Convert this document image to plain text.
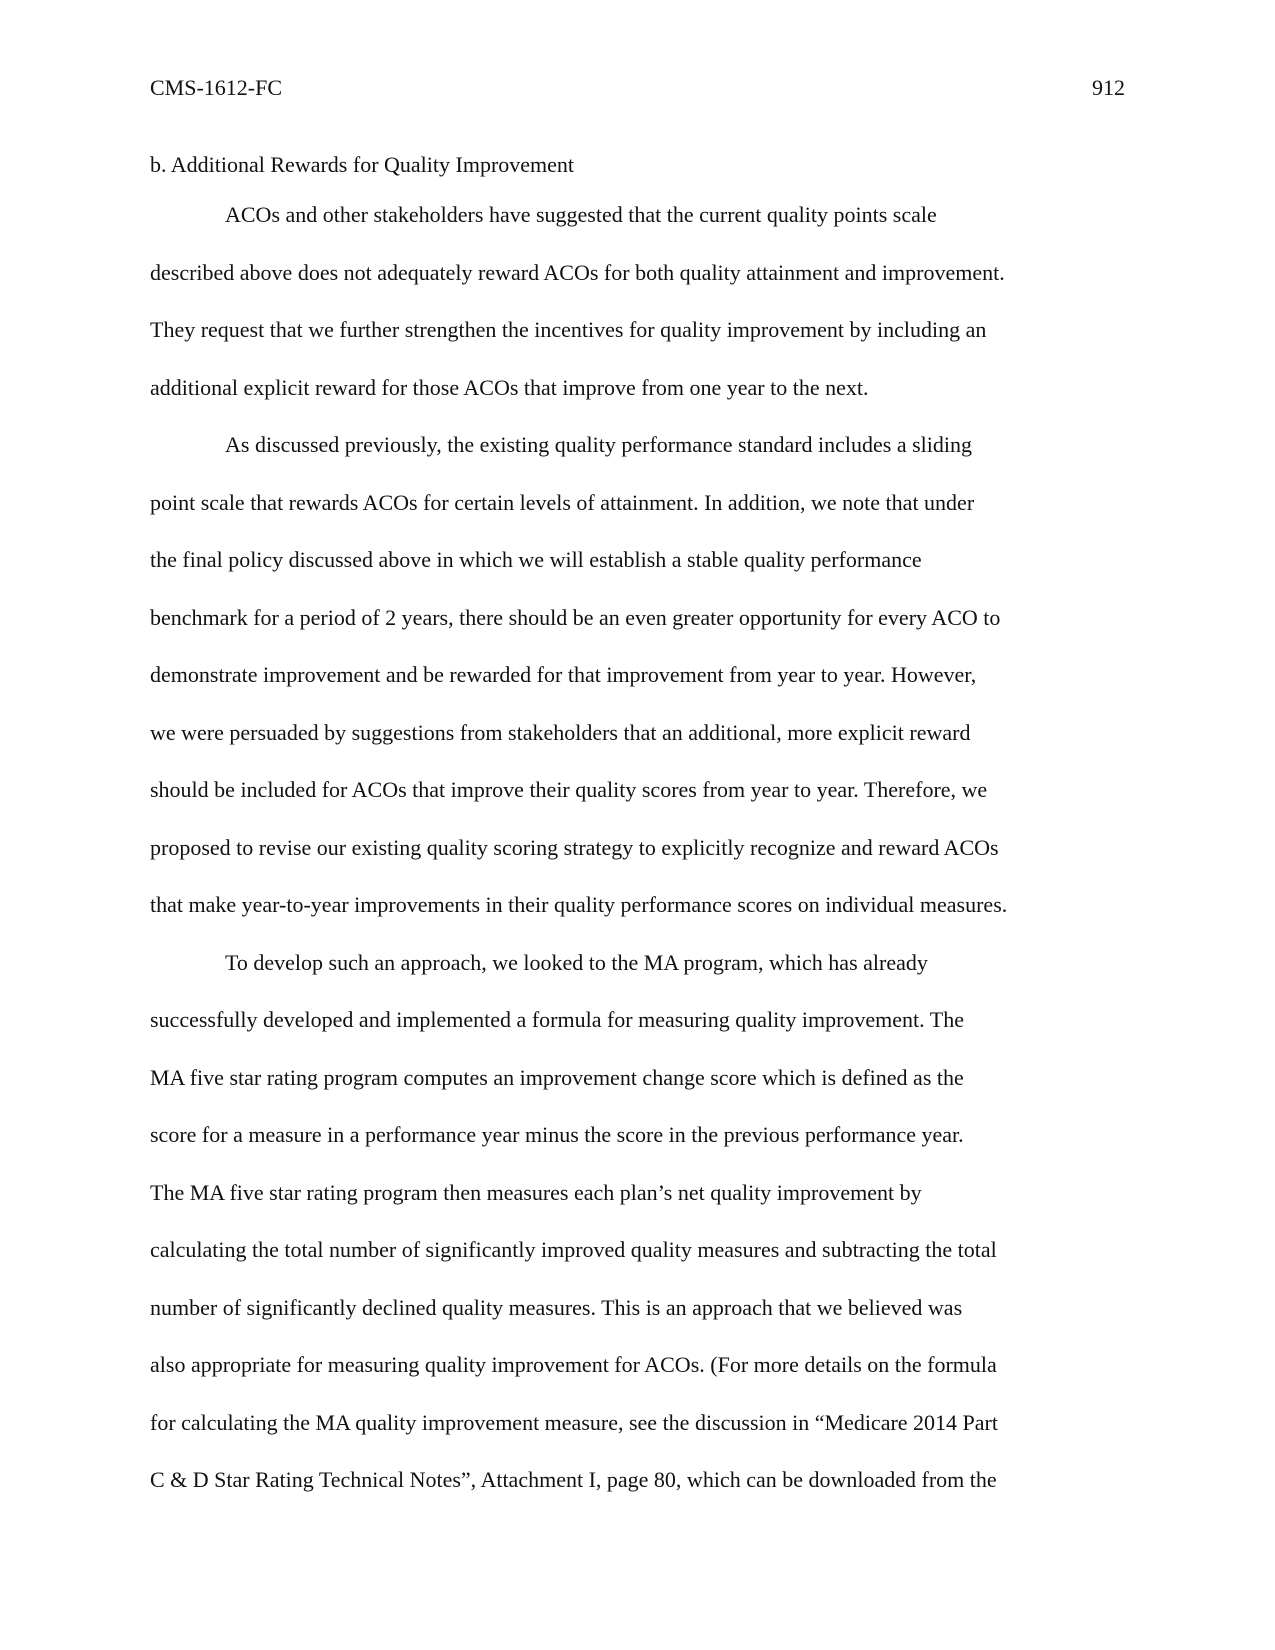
CMS-1612-FC	912
b. Additional Rewards for Quality Improvement

ACOs and other stakeholders have suggested that the current quality points scale
described above does not adequately reward ACOs for both quality attainment and improvement.
They request that we further strengthen the incentives for quality improvement by including an
additional explicit reward for those ACOs that improve from one year to the next.

As discussed previously, the existing quality performance standard includes a sliding
point scale that rewards ACOs for certain levels of attainment. In addition, we note that under
the final policy discussed above in which we will establish a stable quality performance
benchmark for a period of 2 years, there should be an even greater opportunity for every ACO to
demonstrate improvement and be rewarded for that improvement from year to year. However,
we were persuaded by suggestions from stakeholders that an additional, more explicit reward
should be included for ACOs that improve their quality scores from year to year. Therefore, we
proposed to revise our existing quality scoring strategy to explicitly recognize and reward ACOs
that make year-to-year improvements in their quality performance scores on individual measures.

To develop such an approach, we looked to the MA program, which has already
successfully developed and implemented a formula for measuring quality improvement. The
MA five star rating program computes an improvement change score which is defined as the
score for a measure in a performance year minus the score in the previous performance year.
The MA five star rating program then measures each plan’s net quality improvement by
calculating the total number of significantly improved quality measures and subtracting the total
number of significantly declined quality measures. This is an approach that we believed was
also appropriate for measuring quality improvement for ACOs. (For more details on the formula
for calculating the MA quality improvement measure, see the discussion in “Medicare 2014 Part
C & D Star Rating Technical Notes”, Attachment I, page 80, which can be downloaded from the
